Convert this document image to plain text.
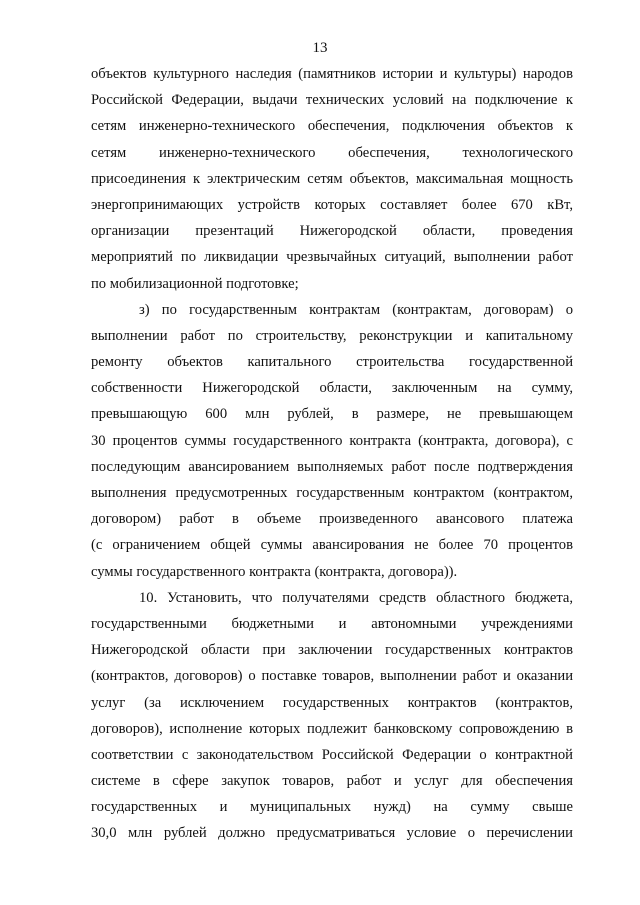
13
объектов культурного наследия (памятников истории и культуры) народов
Российской Федерации, выдачи технических условий на подключение к
сетям инженерно-технического обеспечения, подключения объектов к
сетям инженерно-технического обеспечения, технологического
присоединения к электрическим сетям объектов, максимальная мощность
энергопринимающих устройств которых составляет более 670 кВт,
организации презентаций Нижегородской области, проведения
мероприятий по ликвидации чрезвычайных ситуаций, выполнении работ
по мобилизационной подготовке;
з) по государственным контрактам (контрактам, договорам) о
выполнении работ по строительству, реконструкции и капитальному
ремонту объектов капитального строительства государственной
собственности Нижегородской области, заключенным на сумму,
превышающую 600 млн рублей, в размере, не превышающем
30 процентов суммы государственного контракта (контракта, договора), с
последующим авансированием выполняемых работ после подтверждения
выполнения предусмотренных государственным контрактом (контрактом,
договором) работ в объеме произведенного авансового платежа
(с ограничением общей суммы авансирования не более 70 процентов
суммы государственного контракта (контракта, договора)).
10. Установить, что получателями средств областного бюджета,
государственными бюджетными и автономными учреждениями
Нижегородской области при заключении государственных контрактов
(контрактов, договоров) о поставке товаров, выполнении работ и оказании
услуг (за исключением государственных контрактов (контрактов,
договоров), исполнение которых подлежит банковскому сопровождению в
соответствии с законодательством Российской Федерации о контрактной
системе в сфере закупок товаров, работ и услуг для обеспечения
государственных и муниципальных нужд) на сумму свыше
30,0 млн рублей должно предусматриваться условие о перечислении
